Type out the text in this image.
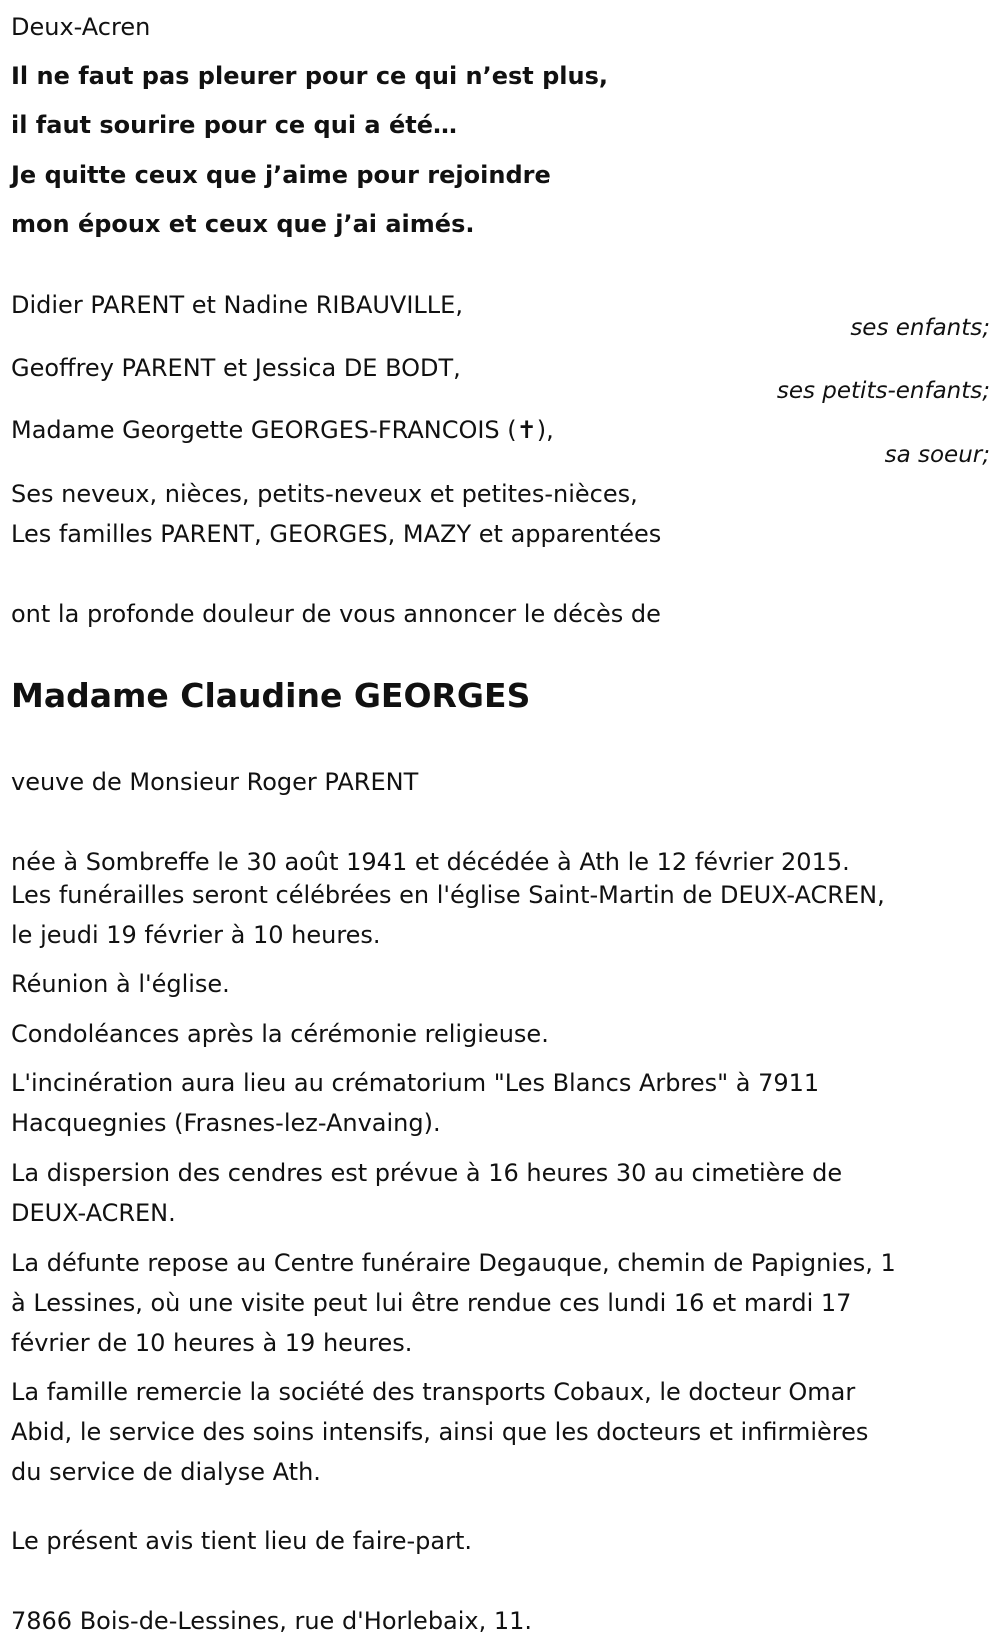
Deux-Acren
Il ne faut pas pleurer pour ce qui n’est plus,
il faut sourire pour ce qui a été…
Je quitte ceux que j’aime pour rejoindre
mon époux et ceux que j’ai aimés.
Didier PARENT et Nadine RIBAUVILLE,
ses enfants;
Geoffrey PARENT et Jessica DE BODT,
ses petits-enfants;
Madame Georgette GEORGES-FRANCOIS (✝),
sa soeur;
Ses neveux, nièces, petits-neveux et petites-nièces,
Les familles PARENT, GEORGES, MAZY et apparentées
ont la profonde douleur de vous annoncer le décès de
Madame Claudine GEORGES
veuve de Monsieur Roger PARENT
née à Sombreffe le 30 août 1941 et décédée à Ath le 12 février 2015.
Les funérailles seront célébrées en l'église Saint-Martin de DEUX-ACREN,
le jeudi 19 février à 10 heures.
Réunion à l'église.
Condoléances après la cérémonie religieuse.
L'incinération aura lieu au crématorium "Les Blancs Arbres" à 7911
Hacquegnies (Frasnes-lez-Anvaing).
La dispersion des cendres est prévue à 16 heures 30 au cimetière de
DEUX-ACREN.
La défunte repose au Centre funéraire Degauque, chemin de Papignies, 1
à Lessines, où une visite peut lui être rendue ces lundi 16 et mardi 17
février de 10 heures à 19 heures.
La famille remercie la société des transports Cobaux, le docteur Omar
Abid, le service des soins intensifs, ainsi que les docteurs et infirmières
du service de dialyse Ath.
Le présent avis tient lieu de faire-part.
7866 Bois-de-Lessines, rue d'Horlebaix, 11.
